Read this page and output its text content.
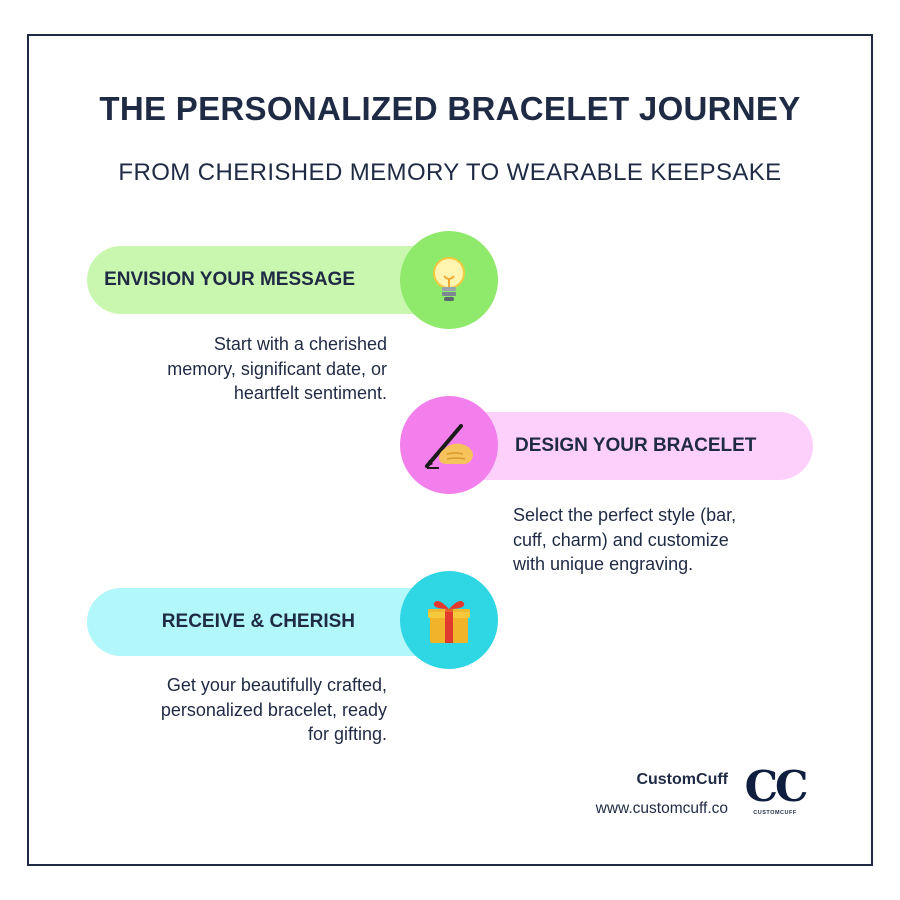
THE PERSONALIZED BRACELET JOURNEY
FROM CHERISHED MEMORY TO WEARABLE KEEPSAKE
ENVISION YOUR MESSAGE
Start with a cherished
memory, significant date, or
heartfelt sentiment.
DESIGN YOUR BRACELET
Select the perfect style (bar,
cuff, charm) and customize
with unique engraving.
RECEIVE & CHERISH
Get your beautifully crafted,
personalized bracelet, ready
for gifting.
CustomCuff
www.customcuff.co CC
CUSTOMCUFF
